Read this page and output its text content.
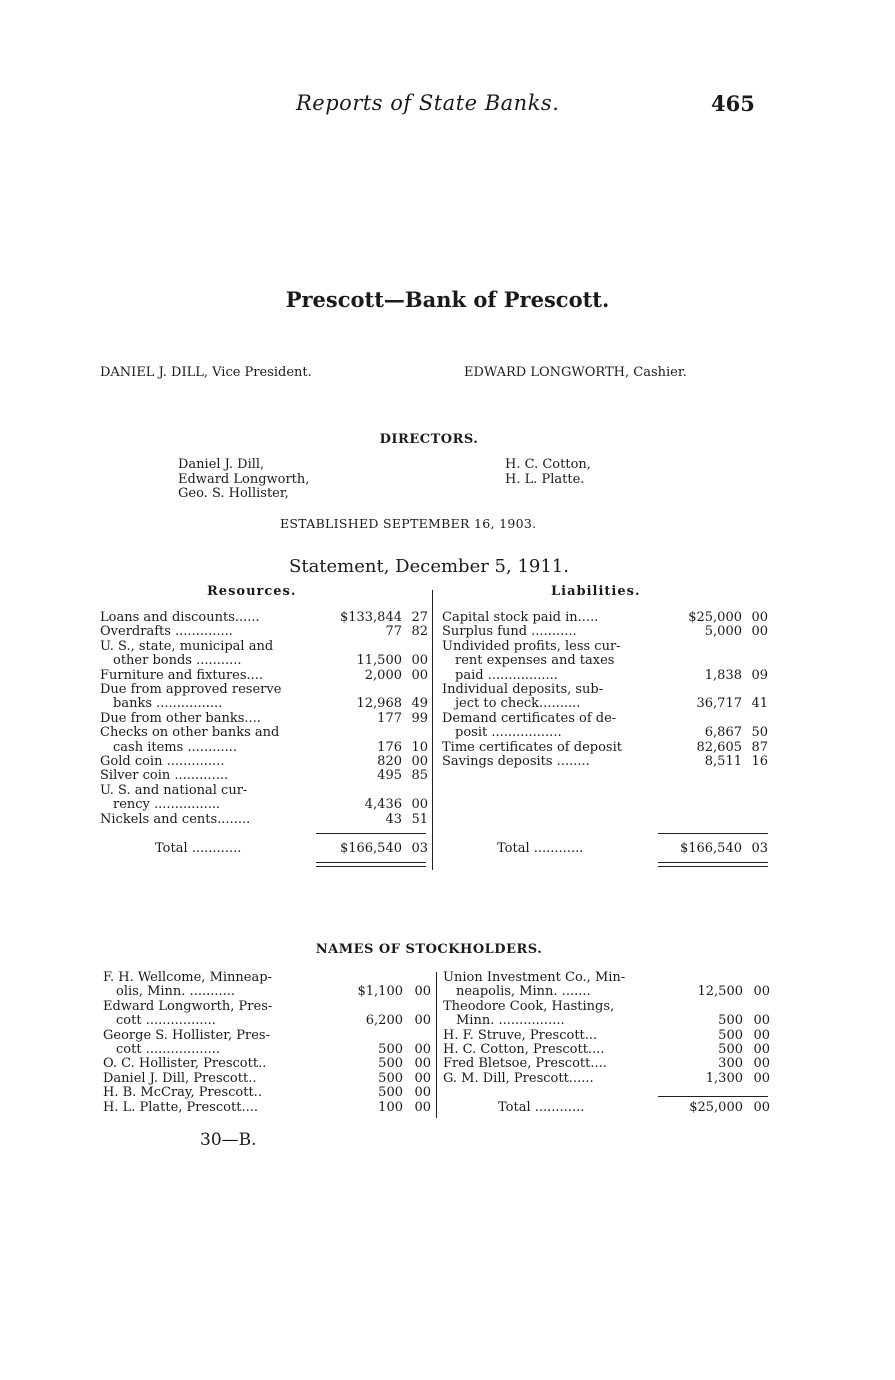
Reports of State Banks.	465
Prescott—Bank of Prescott.
DANIEL J. DILL, Vice President.	EDWARD LONGWORTH, Cashier.
DIRECTORS.
Daniel J. Dill,
Edward Longworth,
Geo. S. Hollister,
H. C. Cotton,
H. L. Platte.
ESTABLISHED SEPTEMBER 16, 1903.
Statement, December 5, 1911.
Resources.	Liabilities.
NAMES OF STOCKHOLDERS.
30—B.
Loans and discounts......	$133,844 27
Overdrafts ..............	77 82
U. S., state, municipal and
 other bonds ...........	11,500 00
Furniture and fixtures....	2,000 00
Due from approved reserve
 banks ................	12,968 49
Due from other banks....	177 99
Checks on other banks and
 cash items ............	176 10
Gold coin ..............	820 00
Silver coin .............	495 85
U. S. and national cur-
 rency ................	4,436 00
Nickels and cents........	43 51
Total ............	$166,540 03
Capital stock paid in.....	$25,000 00
Surplus fund ...........	5,000 00
Undivided profits, less cur-
 rent expenses and taxes
 paid .................	1,838 09
Individual deposits, sub-
 ject to check..........	36,717 41
Demand certificates of de-
 posit .................	6,867 50
Time certificates of deposit	82,605 87
Savings deposits ........	8,511 16
Total ............	$166,540 03
F. H. Wellcome, Minneap-
 olis, Minn. ...........	$1,100 00
Edward Longworth, Pres-
 cott .................	6,200 00
George S. Hollister, Pres-
 cott ..................	500 00
O. C. Hollister, Prescott..	500 00
Daniel J. Dill, Prescott..	500 00
H. B. McCray, Prescott..	500 00
H. L. Platte, Prescott....	100 00
Union Investment Co., Min-
 neapolis, Minn. .......	12,500 00
Theodore Cook, Hastings,
 Minn. ................	500 00
H. F. Struve, Prescott...	500 00
H. C. Cotton, Prescott....	500 00
Fred Bletsoe, Prescott....	300 00
G. M. Dill, Prescott......	1,300 00
Total ............	$25,000 00
